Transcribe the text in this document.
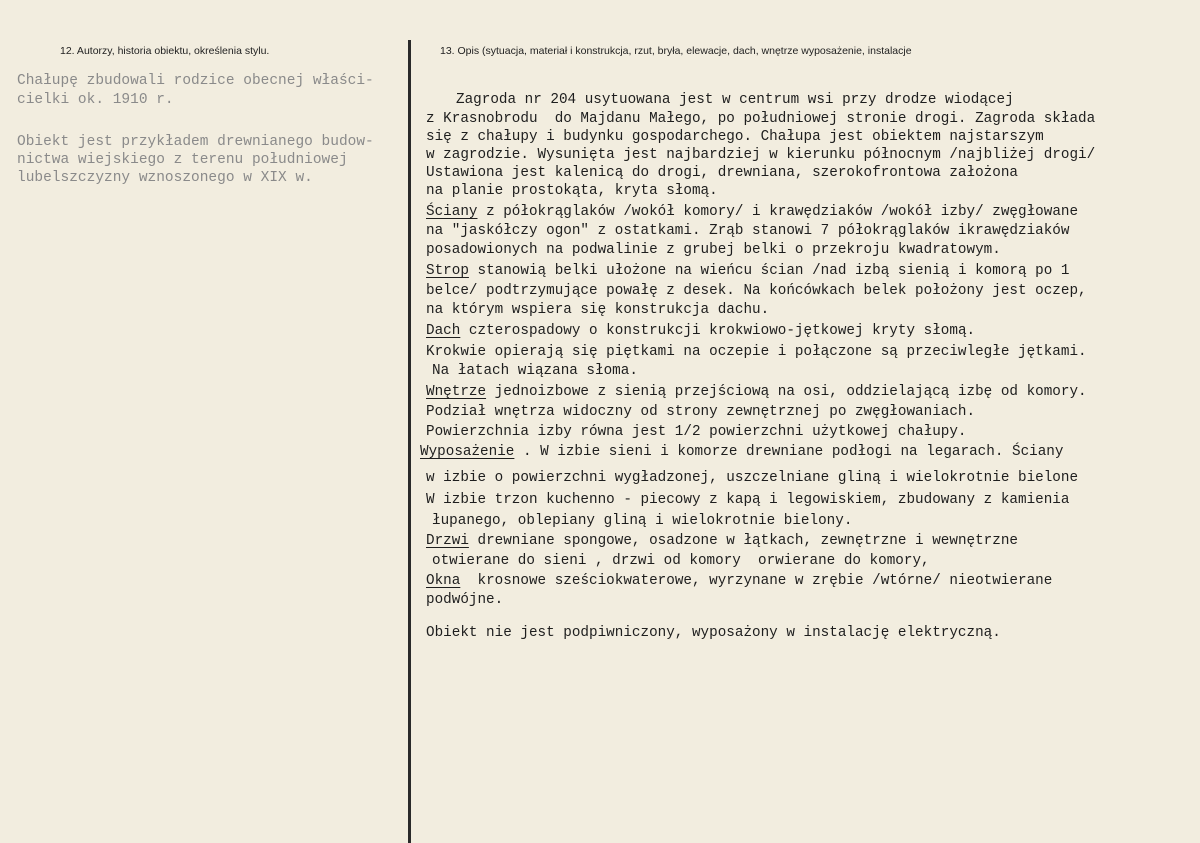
12. Autorzy, historia obiektu, określenia stylu.	13. Opis (sytuacja, materiał i konstrukcja, rzut, bryła, elewacje, dach, wnętrze wyposażenie, instalacje
Chałupę zbudowali rodzice obecnej właści-
cielki ok. 1910 r.
Obiekt jest przykładem drewnianego budow-
nictwa wiejskiego z terenu południowej
lubelszczyzny wznoszonego w XIX w.
Zagroda nr 204 usytuowana jest w centrum wsi przy drodze wiodącej
z Krasnobrodu  do Majdanu Małego, po południowej stronie drogi. Zagroda składa
się z chałupy i budynku gospodarchego. Chałupa jest obiektem najstarszym
w zagrodzie. Wysunięta jest najbardziej w kierunku północnym /najbliżej drogi/
Ustawiona jest kalenicą do drogi, drewniana, szerokofrontowa założona
na planie prostokąta, kryta słomą.
Ściany z półokrąglaków /wokół komory/ i krawędziaków /wokół izby/ zwęgłowane
na "jaskółczy ogon" z ostatkami. Zrąb stanowi 7 półokrąglaków ikrawędziaków
posadowionych na podwalinie z grubej belki o przekroju kwadratowym.
Strop stanowią belki ułożone na wieńcu ścian /nad izbą sienią i komorą po 1
belce/ podtrzymujące powałę z desek. Na końcówkach belek położony jest oczep,
na którym wspiera się konstrukcja dachu.
Dach czterospadowy o konstrukcji krokwiowo-jętkowej kryty słomą.
Krokwie opierają się piętkami na oczepie i połączone są przeciwległe jętkami.
Na łatach wiązana słoma.
Wnętrze jednoizbowe z sienią przejściową na osi, oddzielającą izbę od komory.
Podział wnętrza widoczny od strony zewnętrznej po zwęgłowaniach.
Powierzchnia izby równa jest 1/2 powierzchni użytkowej chałupy.
Wyposażenie . W izbie sieni i komorze drewniane podłogi na legarach. Ściany
w izbie o powierzchni wygładzonej, uszczelniane gliną i wielokrotnie bielone
W izbie trzon kuchenno - piecowy z kapą i legowiskiem, zbudowany z kamienia
łupanego, oblepiany gliną i wielokrotnie bielony.
Drzwi drewniane spongowe, osadzone w łątkach, zewnętrzne i wewnętrzne
otwierane do sieni , drzwi od komory  orwierane do komory,
Okna  krosnowe sześciokwaterowe, wyrzynane w zrębie /wtórne/ nieotwierane
podwójne.
Obiekt nie jest podpiwniczony, wyposażony w instalację elektryczną.
